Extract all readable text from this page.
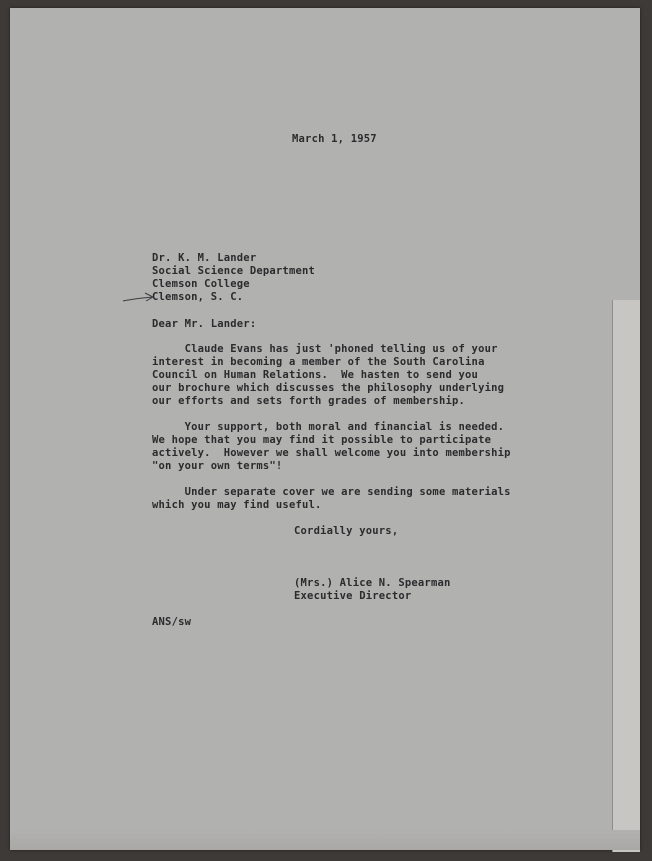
March 1, 1957
Dr. K. M. Lander
Social Science Department
Clemson College
Clemson, S. C.
Dear Mr. Lander:
Claude Evans has just 'phoned telling us of your
interest in becoming a member of the South Carolina
Council on Human Relations.  We hasten to send you
our brochure which discusses the philosophy underlying
our efforts and sets forth grades of membership.
Your support, both moral and financial is needed.
We hope that you may find it possible to participate
actively.  However we shall welcome you into membership
"on your own terms"!
Under separate cover we are sending some materials
which you may find useful.
Cordially yours,
(Mrs.) Alice N. Spearman
Executive Director
ANS/sw
